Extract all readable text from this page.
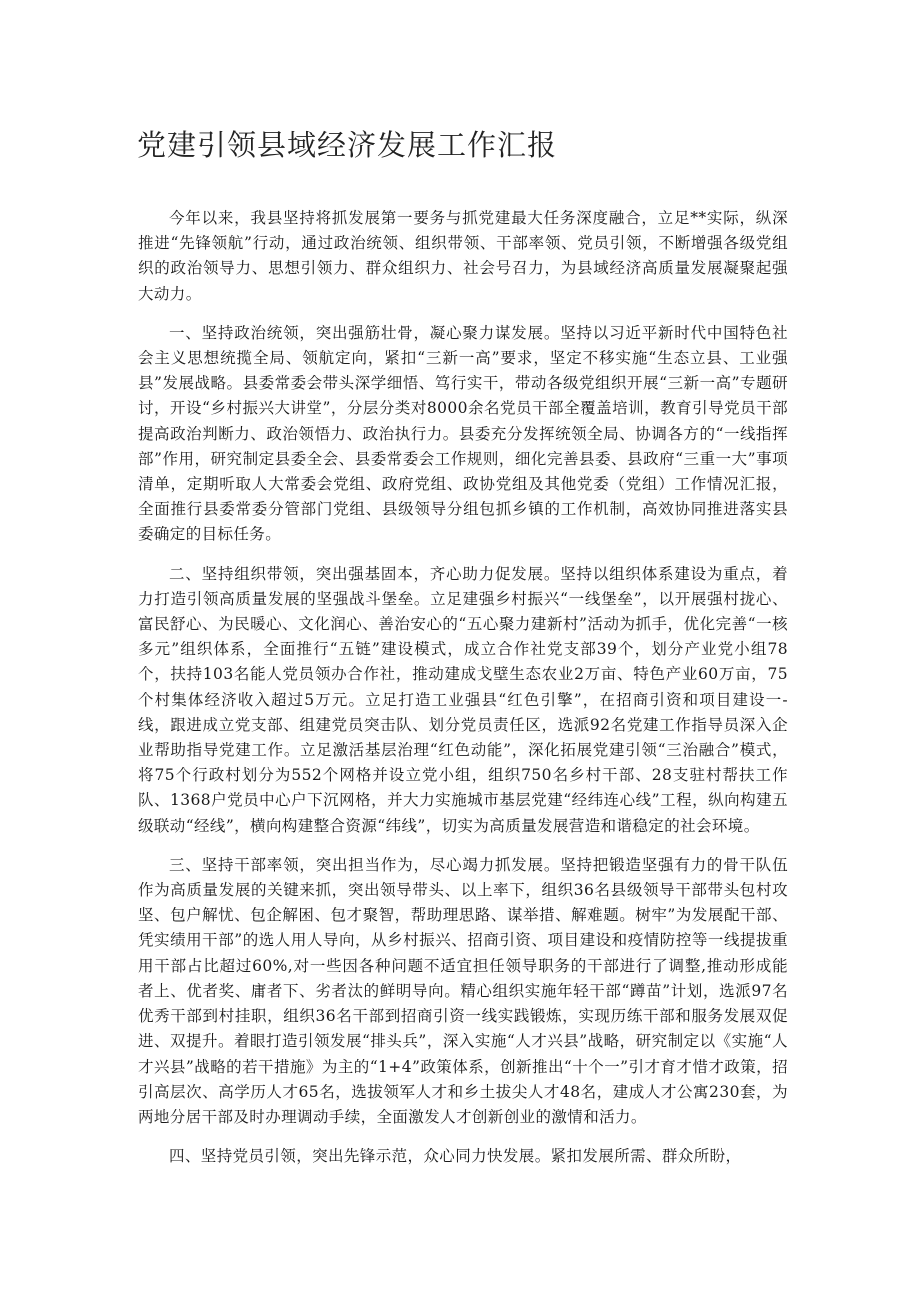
党建引领县域经济发展工作汇报

今年以来，我县坚持将抓发展第一要务与抓党建最大任务深度融合，立足**实际，纵深推进“先锋领航”行动，通过政治统领、组织带领、干部率领、党员引领，不断增强各级党组织的政治领导力、思想引领力、群众组织力、社会号召力，为县域经济高质量发展凝聚起强大动力。

一、坚持政治统领，突出强筋壮骨，凝心聚力谋发展。坚持以习近平新时代中国特色社会主义思想统揽全局、领航定向，紧扣“三新一高”要求，坚定不移实施“生态立县、工业强县”发展战略。县委常委会带头深学细悟、笃行实干，带动各级党组织开展“三新一高”专题研讨，开设“乡村振兴大讲堂”，分层分类对8000余名党员干部全覆盖培训，教育引导党员干部提高政治判断力、政治领悟力、政治执行力。县委充分发挥统领全局、协调各方的“一线指挥部”作用，研究制定县委全会、县委常委会工作规则，细化完善县委、县政府“三重一大”事项清单，定期听取人大常委会党组、政府党组、政协党组及其他党委（党组）工作情况汇报，全面推行县委常委分管部门党组、县级领导分组包抓乡镇的工作机制，高效协同推进落实县委确定的目标任务。

二、坚持组织带领，突出强基固本，齐心助力促发展。坚持以组织体系建设为重点，着力打造引领高质量发展的坚强战斗堡垒。立足建强乡村振兴“一线堡垒”，以开展强村拢心、富民舒心、为民暖心、文化润心、善治安心的“五心聚力建新村”活动为抓手，优化完善“一核多元”组织体系，全面推行“五链”建设模式，成立合作社党支部39个，划分产业党小组78个，扶持103名能人党员领办合作社，推动建成戈壁生态农业2万亩、特色产业60万亩，75个村集体经济收入超过5万元。立足打造工业强县“红色引擎”，在招商引资和项目建设一-线，跟进成立党支部、组建党员突击队、划分党员责任区，选派92名党建工作指导员深入企业帮助指导党建工作。立足激活基层治理“红色动能”，深化拓展党建引领“三治融合”模式，将75个行政村划分为552个网格并设立党小组，组织750名乡村干部、28支驻村帮扶工作队、1368户党员中心户下沉网格，并大力实施城市基层党建“经纬连心线”工程，纵向构建五级联动“经线”，横向构建整合资源“纬线”，切实为高质量发展营造和谐稳定的社会环境。

三、坚持干部率领，突出担当作为，尽心竭力抓发展。坚持把锻造坚强有力的骨干队伍作为高质量发展的关键来抓，突出领导带头、以上率下，组织36名县级领导干部带头包村攻坚、包户解忧、包企解困、包才聚智，帮助理思路、谋举措、解难题。树牢”为发展配干部、凭实绩用干部”的选人用人导向，从乡村振兴、招商引资、项目建设和疫情防控等一线提拔重用干部占比超过60%,对一些因各种问题不适宜担任领导职务的干部进行了调整,推动形成能者上、优者奖、庸者下、劣者汰的鲜明导向。精心组织实施年轻干部“蹲苗”计划，选派97名优秀干部到村挂职，组织36名干部到招商引资一线实践锻炼，实现历练干部和服务发展双促进、双提升。着眼打造引领发展“排头兵”，深入实施“人才兴县”战略，研究制定以《实施“人才兴县”战略的若干措施》为主的“1+4”政策体系，创新推出“十个一”引才育才惜才政策，招引高层次、高学历人才65名，选拔领军人才和乡土拔尖人才48名，建成人才公寓230套，为两地分居干部及时办理调动手续，全面激发人才创新创业的激情和活力。

四、坚持党员引领，突出先锋示范，众心同力快发展。紧扣发展所需、群众所盼，
